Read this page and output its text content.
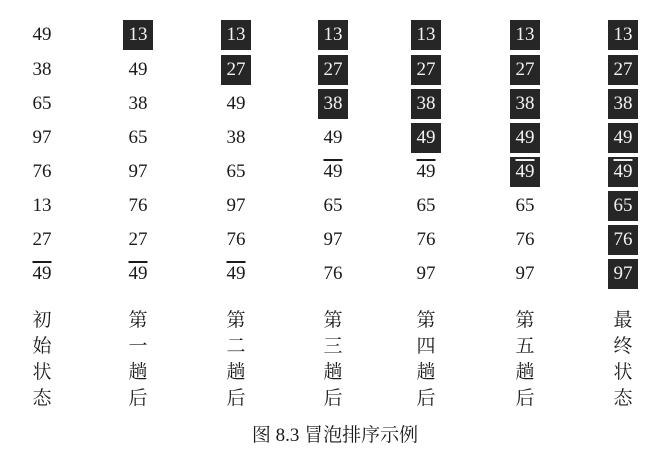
49
38
65
97
76
13
27
49
初
始
状
态
13
49
38
65
97
76
27
49
第
一
趟
后
13
27
49
38
65
97
76
49
第
二
趟
后
13
27
38
49
49
65
97
76
第
三
趟
后
13
27
38
49
49
65
76
97
第
四
趟
后
13
27
38
49
49
65
76
97
第
五
趟
后
13
27
38
49
49
65
76
97
最
终
状
态
图 8.3 冒泡排序示例
